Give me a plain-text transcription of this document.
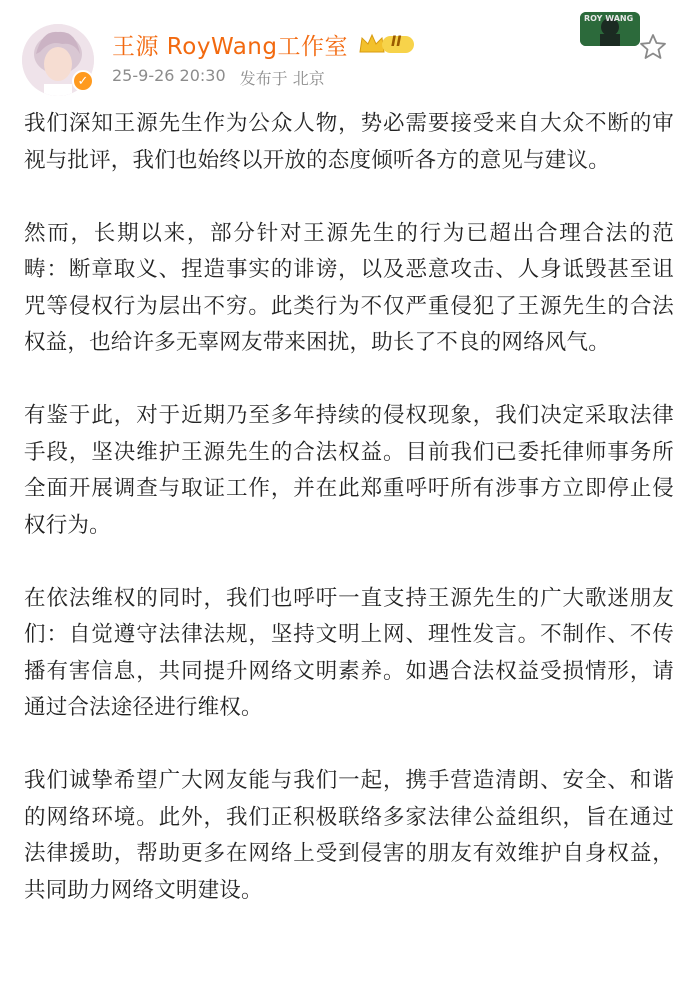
✓
王源 RoyWang工作室	II
25-9-26 20:30 发布于 北京
ROY WANG

我们深知王源先生作为公众人物，势必需要接受来自大众不断的审视与批评，我们也始终以开放的态度倾听各方的意见与建议。

然而，长期以来，部分针对王源先生的行为已超出合理合法的范畴：断章取义、捏造事实的诽谤，以及恶意攻击、人身诋毁甚至诅咒等侵权行为层出不穷。此类行为不仅严重侵犯了王源先生的合法权益，也给许多无辜网友带来困扰，助长了不良的网络风气。

有鉴于此，对于近期乃至多年持续的侵权现象，我们决定采取法律手段，坚决维护王源先生的合法权益。目前我们已委托律师事务所全面开展调查与取证工作，并在此郑重呼吁所有涉事方立即停止侵权行为。

在依法维权的同时，我们也呼吁一直支持王源先生的广大歌迷朋友们：自觉遵守法律法规，坚持文明上网、理性发言。不制作、不传播有害信息，共同提升网络文明素养。如遇合法权益受损情形，请通过合法途径进行维权。

我们诚挚希望广大网友能与我们一起，携手营造清朗、安全、和谐的网络环境。此外，我们正积极联络多家法律公益组织，旨在通过法律援助，帮助更多在网络上受到侵害的朋友有效维护自身权益，共同助力网络文明建设。
